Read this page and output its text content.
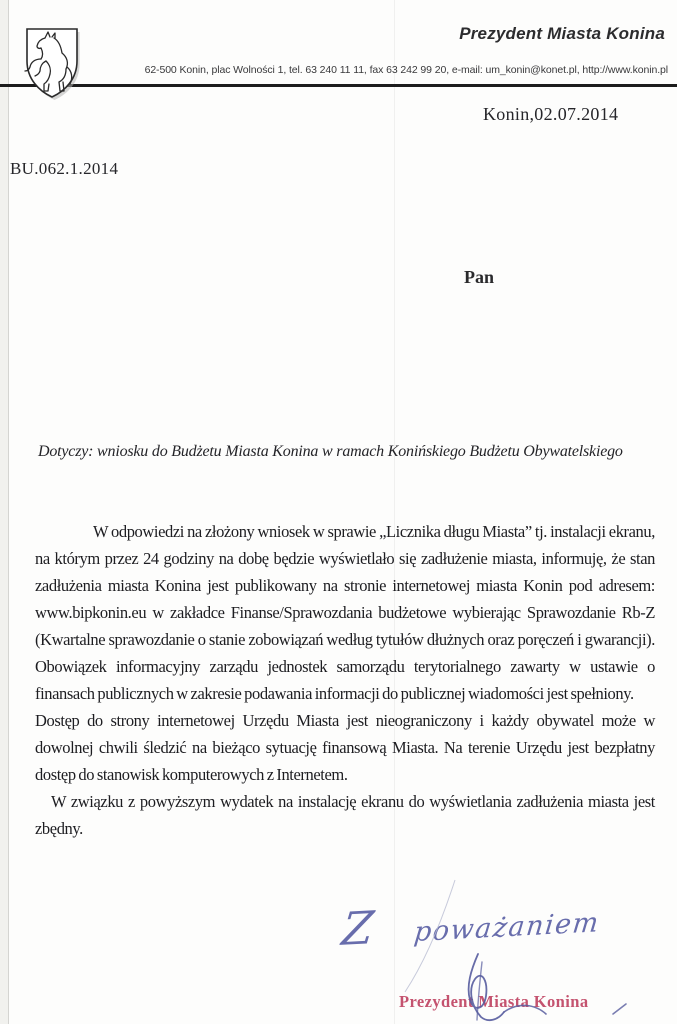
Prezydent Miasta Konina
62-500 Konin, plac Wolności 1, tel. 63 240 11 11, fax 63 242 99 20, e-mail: um_konin@konet.pl, http://www.konin.pl
Konin,02.07.2014
BU.062.1.2014
Pan
Dotyczy: wniosku do Budżetu Miasta Konina w ramach Konińskiego Budżetu Obywatelskiego

W odpowiedzi na złożony wniosek w sprawie „Licznika długu Miasta” tj. instalacji ekranu, na którym przez 24 godziny na dobę będzie wyświetlało się zadłużenie miasta, informuję, że stan zadłużenia miasta Konina jest publikowany na stronie internetowej miasta Konin pod adresem: www.bipkonin.eu w zakładce Finanse/Sprawozdania budżetowe wybierając Sprawozdanie Rb-Z (Kwartalne sprawozdanie o stanie zobowiązań według tytułów dłużnych oraz poręczeń i gwarancji). Obowiązek informacyjny zarządu jednostek samorządu terytorialnego zawarty w ustawie o finansach publicznych w zakresie podawania informacji do publicznej wiadomości jest spełniony.

Dostęp do strony internetowej Urzędu Miasta jest nieograniczony i każdy obywatel może w dowolnej chwili śledzić na bieżąco sytuację finansową Miasta. Na terenie Urzędu jest bezpłatny dostęp do stanowisk komputerowych z Internetem.

W związku z powyższym wydatek na instalację ekranu do wyświetlania zadłużenia miasta jest zbędny.

Z poważaniem
Prezydent Miasta Konina
